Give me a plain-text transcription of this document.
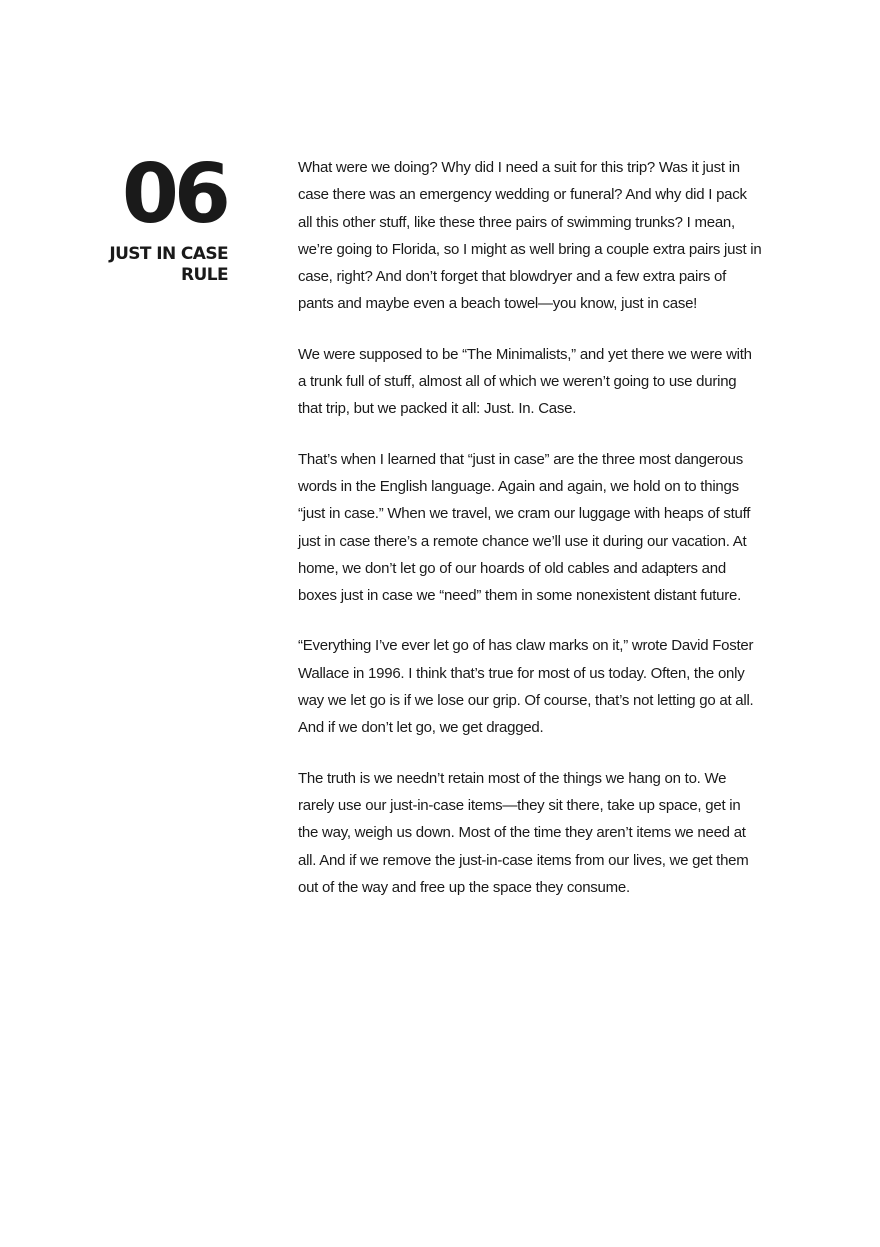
06
JUST IN CASE
RULE

What were we doing? Why did I need a suit for this trip? Was it just in case there was an emergency wedding or funeral? And why did I pack all this other stuff, like these three pairs of swimming trunks? I mean, we’re going to Florida, so I might as well bring a couple extra pairs just in case, right? And don’t forget that blowdryer and a few extra pairs of pants and maybe even a beach towel—you know, just in case!

We were supposed to be “The Minimalists,” and yet there we were with a trunk full of stuff, almost all of which we weren’t going to use during that trip, but we packed it all: Just. In. Case.

That’s when I learned that “just in case” are the three most dangerous words in the English language. Again and again, we hold on to things “just in case.” When we travel, we cram our luggage with heaps of stuff just in case there’s a remote chance we’ll use it during our vacation. At home, we don’t let go of our hoards of old cables and adapters and boxes just in case we “need” them in some nonexistent distant future.

“Everything I’ve ever let go of has claw marks on it,” wrote David Foster Wallace in 1996. I think that’s true for most of us today. Often, the only way we let go is if we lose our grip. Of course, that’s not letting go at all. And if we don’t let go, we get dragged.

The truth is we needn’t retain most of the things we hang on to. We rarely use our just-in-case items—they sit there, take up space, get in the way, weigh us down. Most of the time they aren’t items we need at all. And if we remove the just-in-case items from our lives, we get them out of the way and free up the space they consume.
